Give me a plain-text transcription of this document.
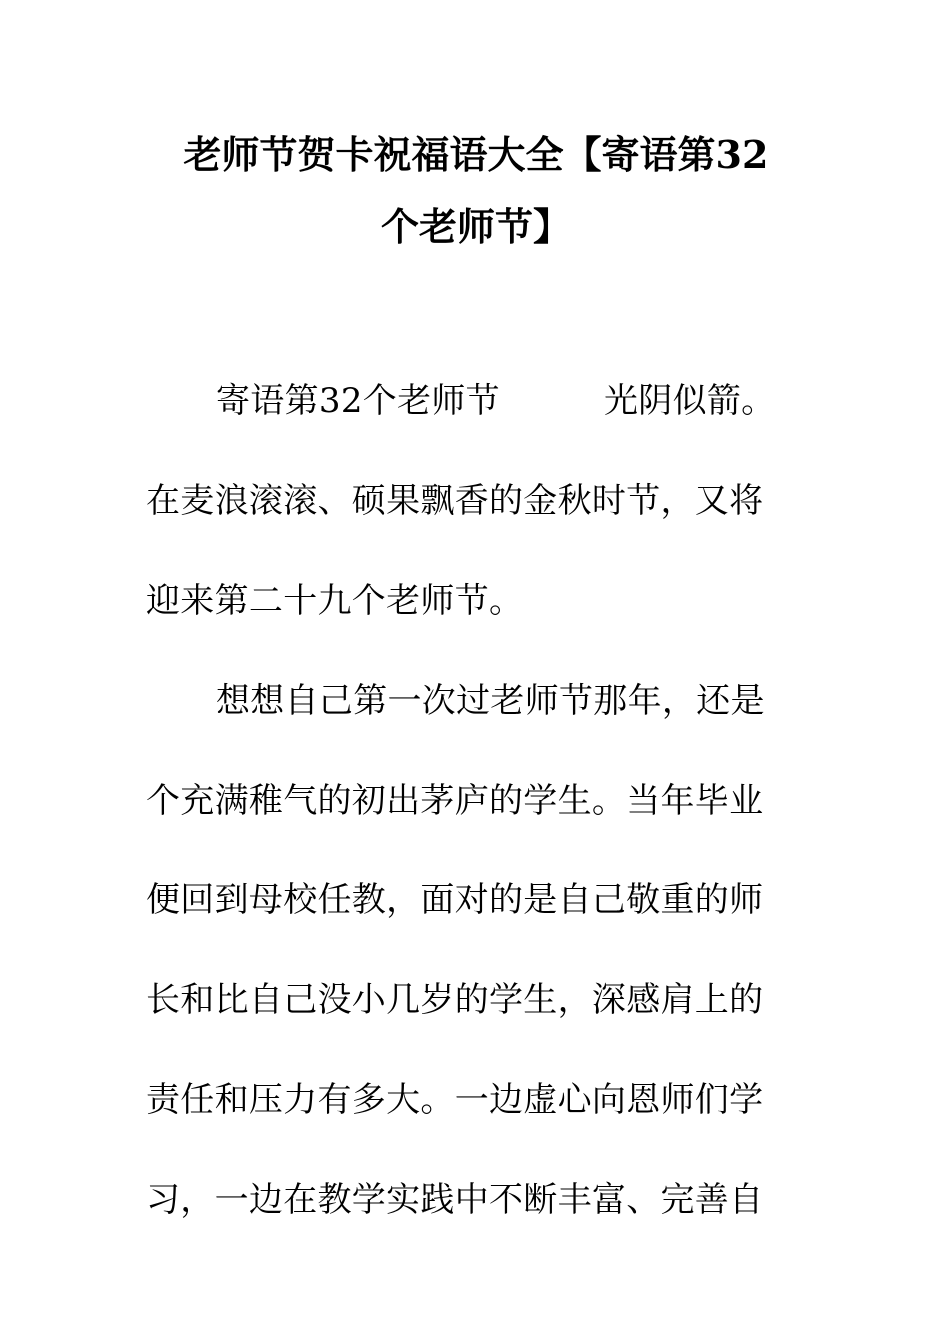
老师节贺卡祝福语大全【寄语第32
个老师节】
寄语第32个老师节	光阴似箭。
在麦浪滚滚、硕果飘香的金秋时节，又将
迎来第二十九个老师节。
想想自己第一次过老师节那年，还是
个充满稚气的初出茅庐的学生。当年毕业
便回到母校任教，面对的是自己敬重的师
长和比自己没小几岁的学生，深感肩上的
责任和压力有多大。一边虚心向恩师们学
习，一边在教学实践中不断丰富、完善自
